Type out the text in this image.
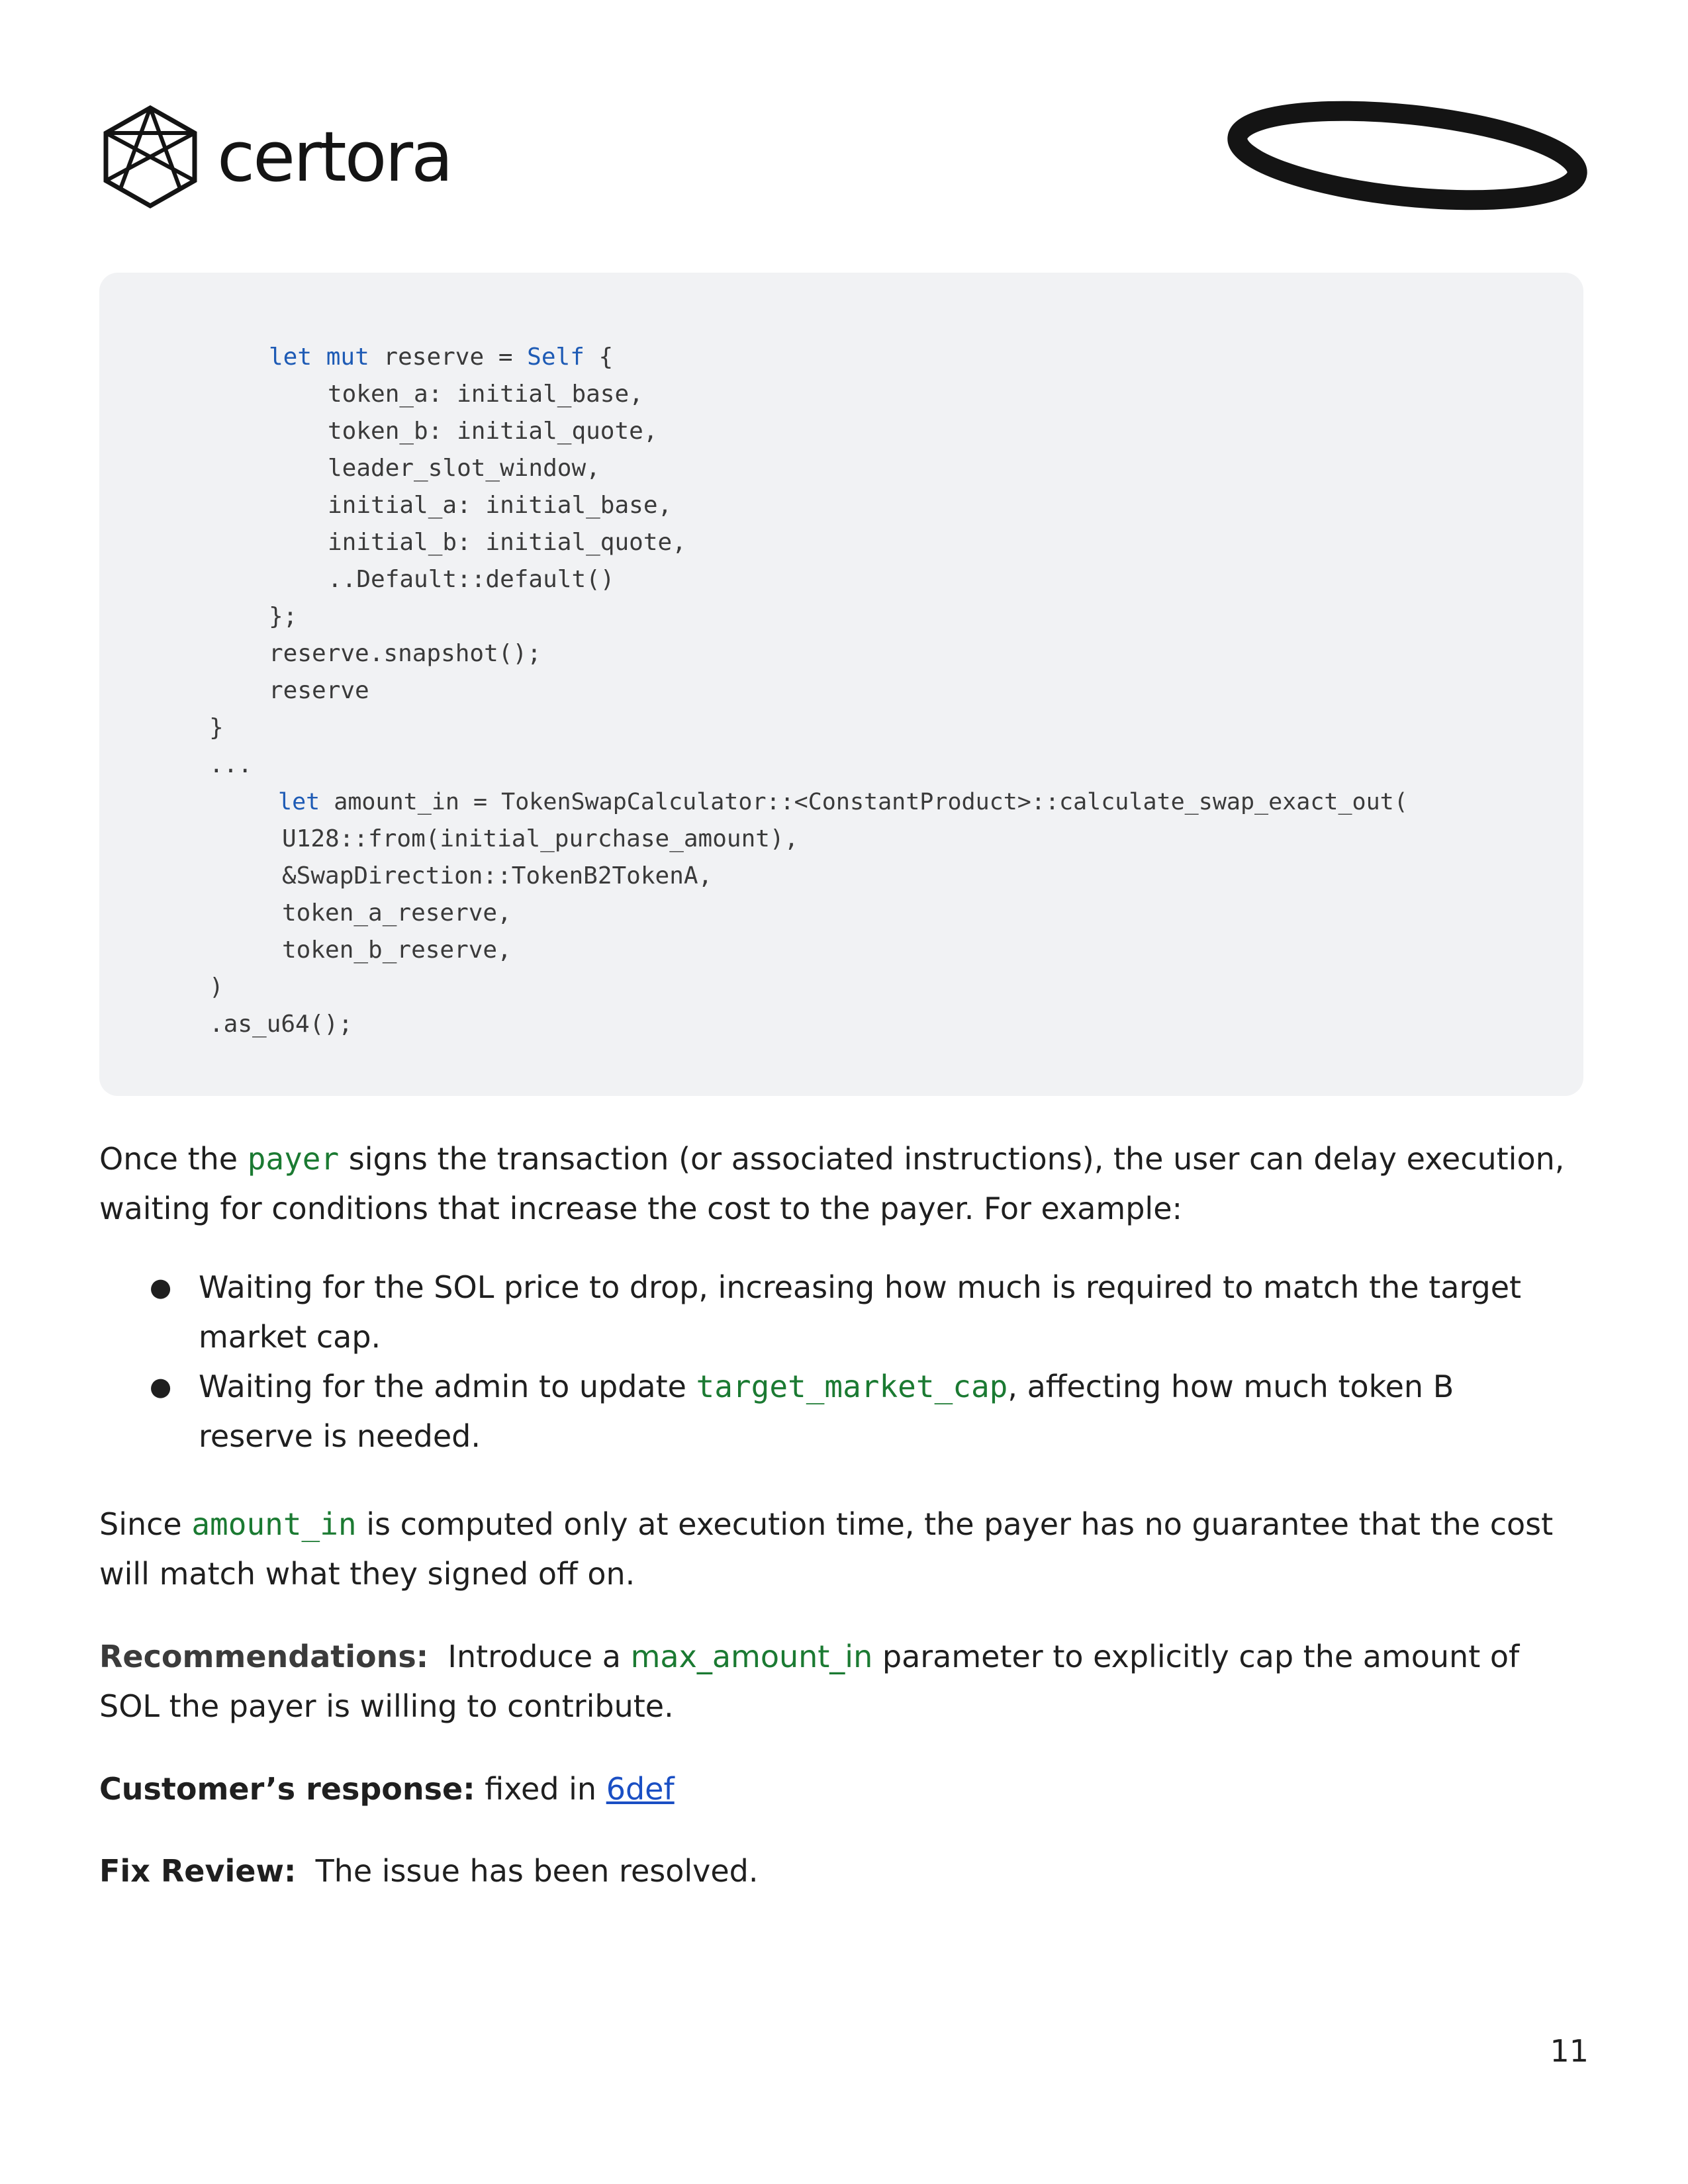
certora
let mut reserve = Self {
token_a: initial_base,
token_b: initial_quote,
leader_slot_window,
initial_a: initial_base,
initial_b: initial_quote,
..Default::default()
};
reserve.snapshot();
reserve
}
...
let amount_in = TokenSwapCalculator::<ConstantProduct>::calculate_swap_exact_out(
U128::from(initial_purchase_amount),
&SwapDirection::TokenB2TokenA,
token_a_reserve,
token_b_reserve,
)
.as_u64();
Once the payer signs the transaction (or associated instructions), the user can delay execution, waiting for conditions that increase the cost to the payer. For example:
● Waiting for the SOL price to drop, increasing how much is required to match the target market cap.
● Waiting for the admin to update target_market_cap, affecting how much token B reserve is needed.
Since amount_in is computed only at execution time, the payer has no guarantee that the cost will match what they signed off on.
Recommendations:  Introduce a max_amount_in parameter to explicitly cap the amount of SOL the payer is willing to contribute.
Customer’s response: fixed in 6def
Fix Review:  The issue has been resolved.
11
